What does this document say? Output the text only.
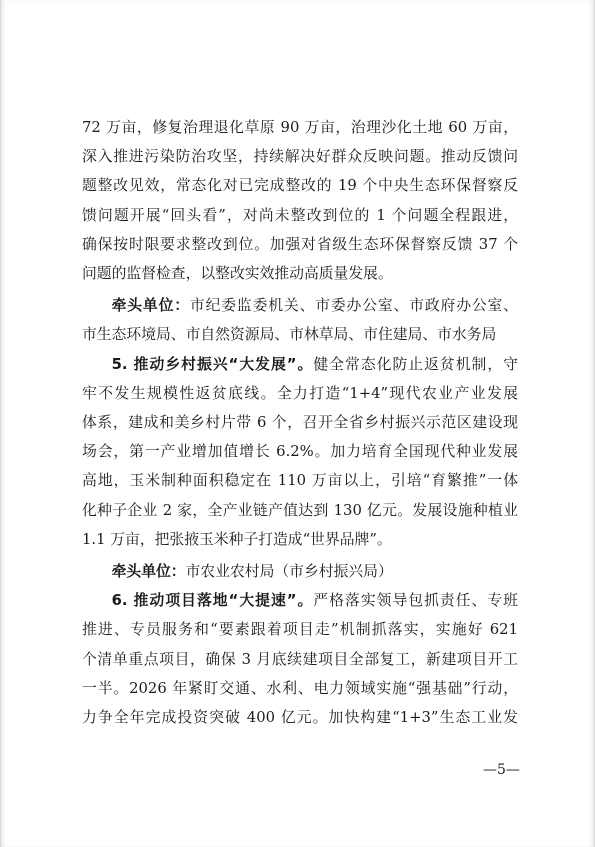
72 万亩，修复治理退化草原 90 万亩，治理沙化土地 60 万亩，

深入推进污染防治攻坚，持续解决好群众反映问题。推动反馈问

题整改见效，常态化对已完成整改的 19 个中央生态环保督察反

馈问题开展“回头看”，对尚未整改到位的 1 个问题全程跟进，

确保按时限要求整改到位。加强对省级生态环保督察反馈 37 个

问题的监督检查，以整改实效推动高质量发展。

牵头单位：市纪委监委机关、市委办公室、市政府办公室、

市生态环境局、市自然资源局、市林草局、市住建局、市水务局

5. 推动乡村振兴“大发展”。健全常态化防止返贫机制，守

牢不发生规模性返贫底线。全力打造“1+4”现代农业产业发展

体系，建成和美乡村片带 6 个，召开全省乡村振兴示范区建设现

场会，第一产业增加值增长 6.2%。加力培育全国现代种业发展

高地，玉米制种面积稳定在 110 万亩以上，引培“育繁推”一体

化种子企业 2 家，全产业链产值达到 130 亿元。发展设施种植业

1.1 万亩，把张掖玉米种子打造成“世界品牌”。

牵头单位：市农业农村局（市乡村振兴局）

6. 推动项目落地“大提速”。严格落实领导包抓责任、专班

推进、专员服务和“要素跟着项目走”机制抓落实，实施好 621

个清单重点项目，确保 3 月底续建项目全部复工，新建项目开工

一半。2026 年紧盯交通、水利、电力领域实施“强基础”行动，

力争全年完成投资突破 400 亿元。加快构建“1+3”生态工业发

—5—
